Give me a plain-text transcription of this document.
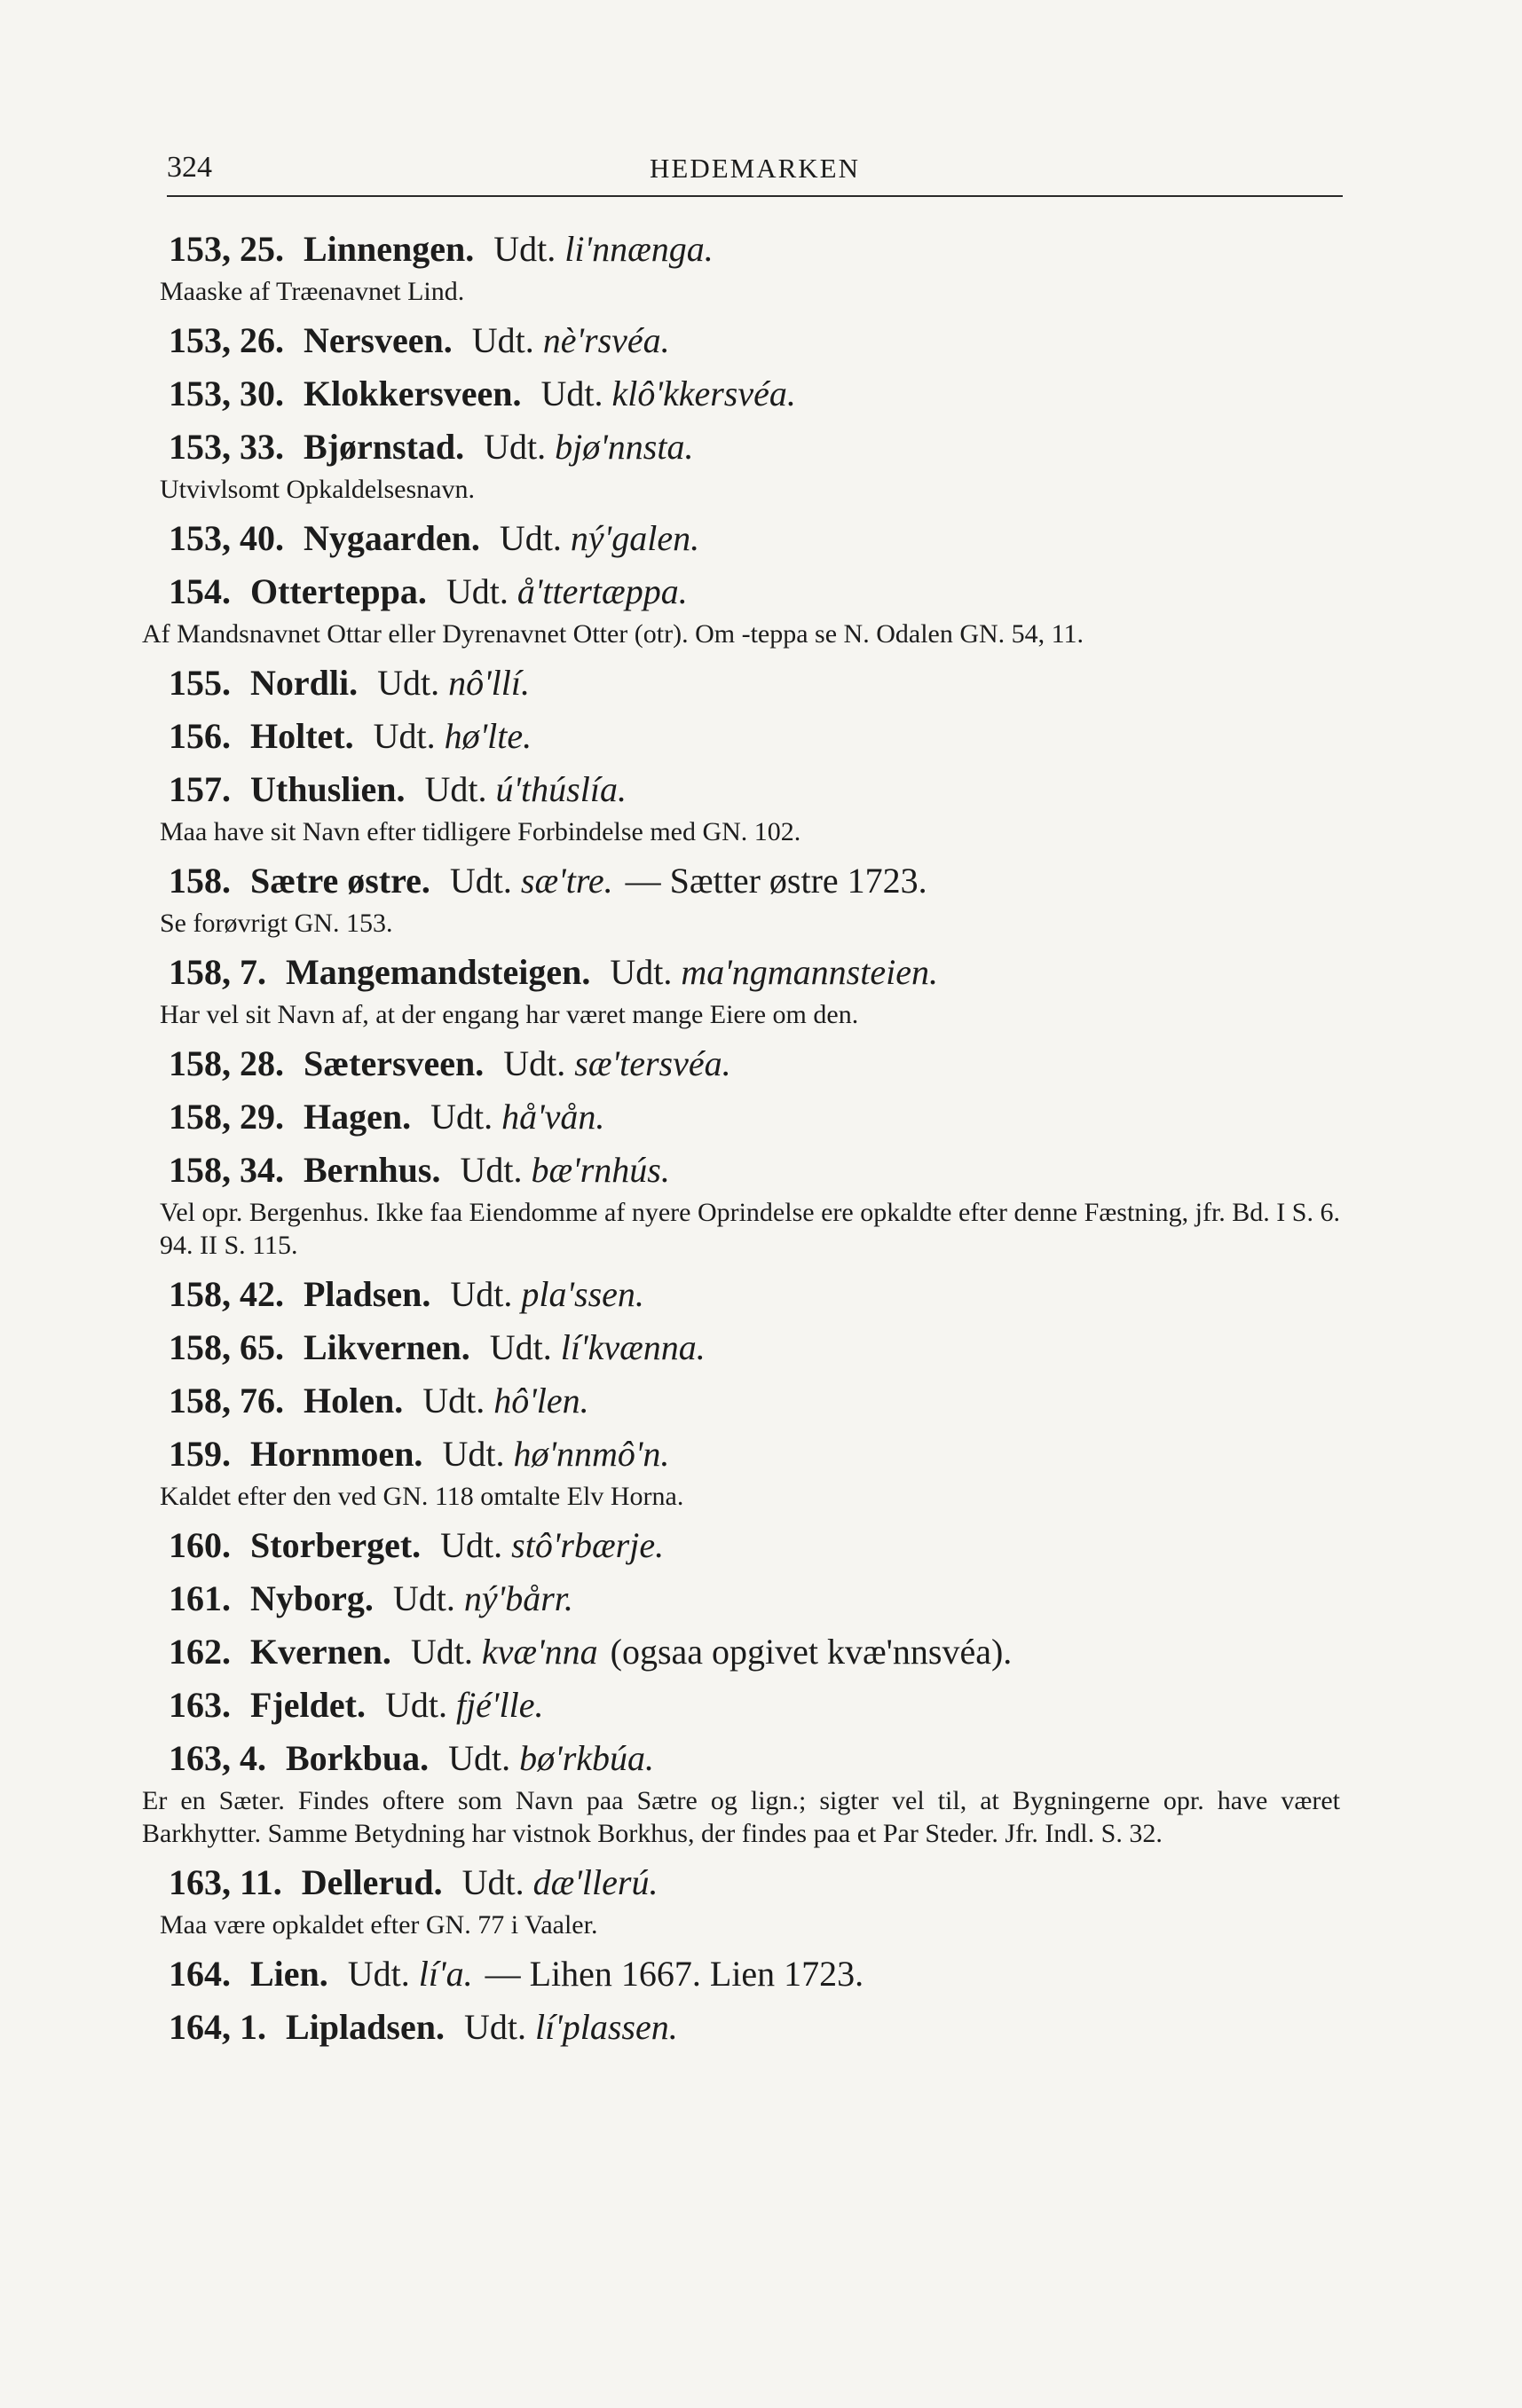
324	HEDEMARKEN
153, 25. Linnengen. Udt. li'nnænga.
Maaske af Træenavnet Lind.
153, 26. Nersveen. Udt. nè'rsvéa.
153, 30. Klokkersveen. Udt. klô'kkersvéa.
153, 33. Bjørnstad. Udt. bjø'nnsta.
Utvivlsomt Opkaldelsesnavn.
153, 40. Nygaarden. Udt. ný'galen.
154. Otterteppa. Udt. å'ttertæppa.
Af Mandsnavnet Ottar eller Dyrenavnet Otter (otr). Om -teppa se N. Odalen GN. 54, 11.
155. Nordli. Udt. nô'llí.
156. Holtet. Udt. hø'lte.
157. Uthuslien. Udt. ú'thúslía.
Maa have sit Navn efter tidligere Forbindelse med GN. 102.
158. Sætre østre. Udt. sæ'tre. — Sætter østre 1723.
Se forøvrigt GN. 153.
158, 7. Mangemandsteigen. Udt. ma'ngmannsteien.
Har vel sit Navn af, at der engang har været mange Eiere om den.
158, 28. Sætersveen. Udt. sæ'tersvéa.
158, 29. Hagen. Udt. hå'vån.
158, 34. Bernhus. Udt. bæ'rnhús.
Vel opr. Bergenhus. Ikke faa Eiendomme af nyere Oprindelse ere opkaldte efter denne Fæstning, jfr. Bd. I S. 6. 94. II S. 115.
158, 42. Pladsen. Udt. pla'ssen.
158, 65. Likvernen. Udt. lí'kvænna.
158, 76. Holen. Udt. hô'len.
159. Hornmoen. Udt. hø'nnmô'n.
Kaldet efter den ved GN. 118 omtalte Elv Horna.
160. Storberget. Udt. stô'rbærje.
161. Nyborg. Udt. ný'bårr.
162. Kvernen. Udt. kvæ'nna (ogsaa opgivet kvæ'nnsvéa).
163. Fjeldet. Udt. fjé'lle.
163, 4. Borkbua. Udt. bø'rkbúa.
Er en Sæter. Findes oftere som Navn paa Sætre og lign.; sigter vel til, at Bygningerne opr. have været Barkhytter. Samme Betydning har vistnok Borkhus, der findes paa et Par Steder. Jfr. Indl. S. 32.
163, 11. Dellerud. Udt. dæ'llerú.
Maa være opkaldet efter GN. 77 i Vaaler.
164. Lien. Udt. lí'a. — Lihen 1667. Lien 1723.
164, 1. Lipladsen. Udt. lí'plassen.
